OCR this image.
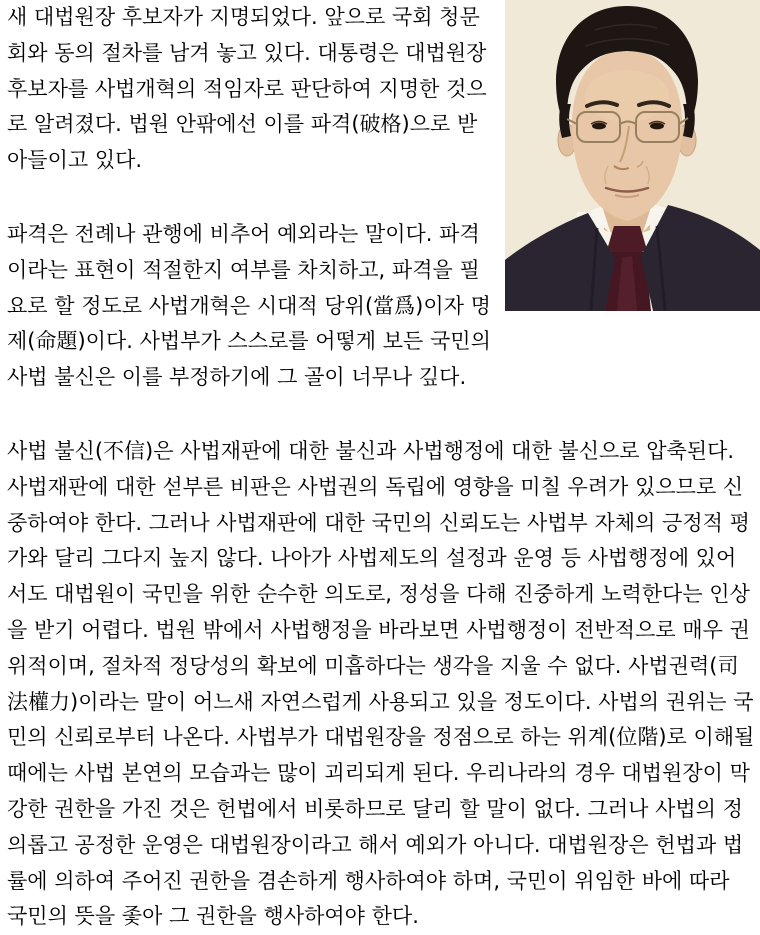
새 대법원장 후보자가 지명되었다. 앞으로 국회 청문회와 동의 절차를 남겨 놓고 있다. 대통령은 대법원장 후보자를 사법개혁의 적임자로 판단하여 지명한 것으로 알려졌다. 법원 안팎에선 이를 파격(破格)으로 받아들이고 있다.

파격은 전례나 관행에 비추어 예외라는 말이다. 파격이라는 표현이 적절한지 여부를 차치하고, 파격을 필요로 할 정도로 사법개혁은 시대적 당위(當爲)이자 명제(命題)이다. 사법부가 스스로를 어떻게 보든 국민의 사법 불신은 이를 부정하기에 그 골이 너무나 깊다.

사법 불신(不信)은 사법재판에 대한 불신과 사법행정에 대한 불신으로 압축된다. 사법재판에 대한 섣부른 비판은 사법권의 독립에 영향을 미칠 우려가 있으므로 신중하여야 한다. 그러나 사법재판에 대한 국민의 신뢰도는 사법부 자체의 긍정적 평가와 달리 그다지 높지 않다. 나아가 사법제도의 설정과 운영 등 사법행정에 있어서도 대법원이 국민을 위한 순수한 의도로, 정성을 다해 진중하게 노력한다는 인상을 받기 어렵다. 법원 밖에서 사법행정을 바라보면 사법행정이 전반적으로 매우 권위적이며, 절차적 정당성의 확보에 미흡하다는 생각을 지울 수 없다. 사법권력(司法權力)이라는 말이 어느새 자연스럽게 사용되고 있을 정도이다. 사법의 권위는 국민의 신뢰로부터 나온다. 사법부가 대법원장을 정점으로 하는 위계(位階)로 이해될 때에는 사법 본연의 모습과는 많이 괴리되게 된다. 우리나라의 경우 대법원장이 막강한 권한을 가진 것은 헌법에서 비롯하므로 달리 할 말이 없다. 그러나 사법의 정의롭고 공정한 운영은 대법원장이라고 해서 예외가 아니다. 대법원장은 헌법과 법률에 의하여 주어진 권한을 겸손하게 행사하여야 하며, 국민이 위임한 바에 따라 국민의 뜻을 좇아 그 권한을 행사하여야 한다.
